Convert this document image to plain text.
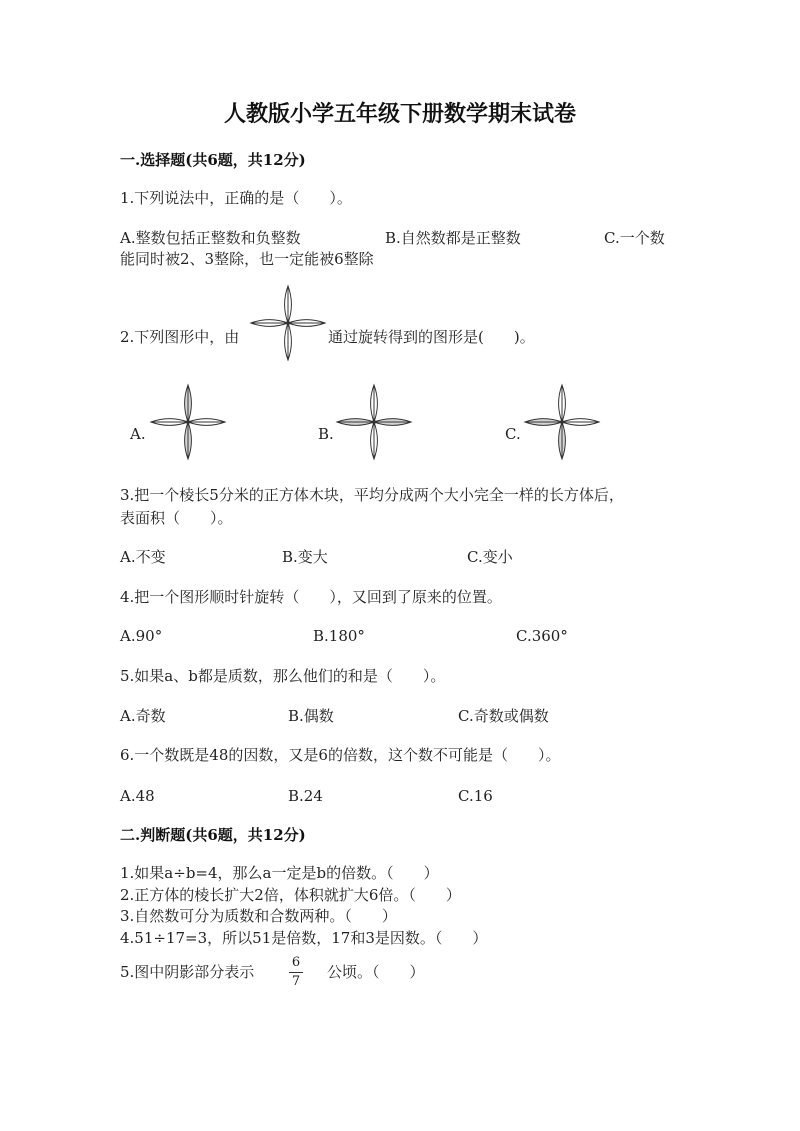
人教版小学五年级下册数学期末试卷
一.选择题(共6题，共12分)
1.下列说法中，正确的是（　　）。
A.整数包括正整数和负整数	B.自然数都是正整数	C.一个数
能同时被2、3整除，也一定能被6整除
2.下列图形中，由	通过旋转得到的图形是(　　)。
A.	B.	C.
3.把一个棱长5分米的正方体木块，平均分成两个大小完全一样的长方体后，
表面积（　　）。
A.不变	B.变大	C.变小
4.把一个图形顺时针旋转（　　），又回到了原来的位置。
A.90°	B.180°	C.360°
5.如果a、b都是质数，那么他们的和是（　　）。
A.奇数	B.偶数	C.奇数或偶数
6.一个数既是48的因数，又是6的倍数，这个数不可能是（　　）。
A.48	B.24	C.16
二.判断题(共6题，共12分)
1.如果a÷b=4，那么a一定是b的倍数。（　　）
2.正方体的棱长扩大2倍，体积就扩大6倍。（　　）
3.自然数可分为质数和合数两种。（　　）
4.51÷17=3，所以51是倍数，17和3是因数。（　　）
5.图中阴影部分表示
6
7
公顷。（　　）
